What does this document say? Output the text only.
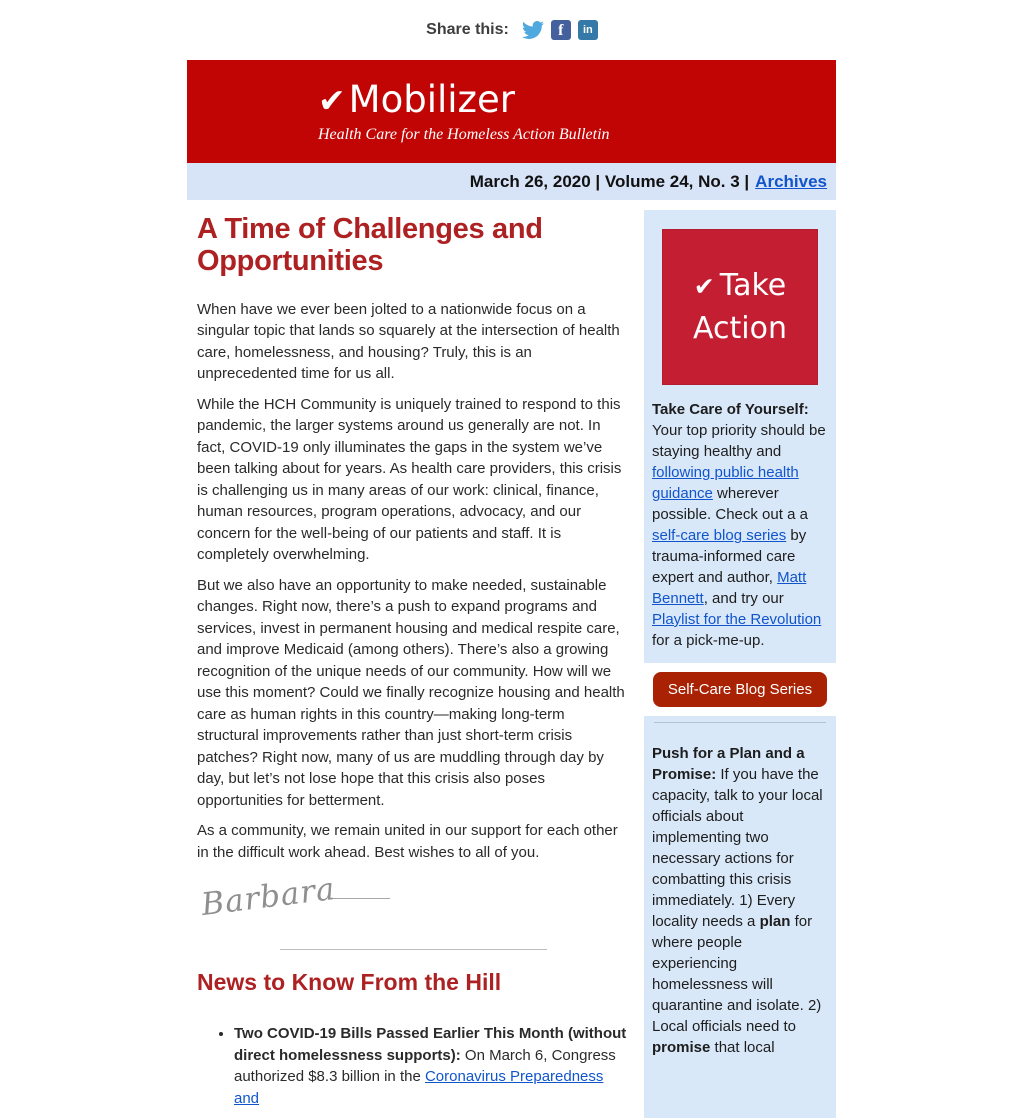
Share this:	f in
✔Mobilizer
Health Care for the Homeless Action Bulletin
March 26, 2020 | Volume 24, No. 3 | Archives
A Time of Challenges and Opportunities

When have we ever been jolted to a nationwide focus on a singular topic that lands so squarely at the intersection of health care, homelessness, and housing? Truly, this is an unprecedented time for us all.

While the HCH Community is uniquely trained to respond to this pandemic, the larger systems around us generally are not. In fact, COVID-19 only illuminates the gaps in the system we’ve been talking about for years. As health care providers, this crisis is challenging us in many areas of our work: clinical, finance, human resources, program operations, advocacy, and our concern for the well-being of our patients and staff. It is completely overwhelming.

But we also have an opportunity to make needed, sustainable changes. Right now, there’s a push to expand programs and services, invest in permanent housing and medical respite care, and improve Medicaid (among others). There’s also a growing recognition of the unique needs of our community. How will we use this moment? Could we finally recognize housing and health care as human rights in this country—making long-term structural improvements rather than just short-term crisis patches? Right now, many of us are muddling through day by day, but let’s not lose hope that this crisis also poses opportunities for betterment.

As a community, we remain united in our support for each other in the difficult work ahead. Best wishes to all of you.

Barbara
News to Know From the Hill
• Two COVID-19 Bills Passed Earlier This Month (without direct homelessness supports): On March 6, Congress authorized $8.3 billion in the Coronavirus Preparedness and
✔ Take
Action

Take Care of Yourself: Your top priority should be staying healthy and following public health guidance wherever possible. Check out a a self-care blog series by trauma-informed care expert and author, Matt Bennett, and try our Playlist for the Revolution for a pick-me-up.

Self-Care Blog Series

Push for a Plan and a Promise: If you have the capacity, talk to your local officials about implementing two necessary actions for combatting this crisis immediately. 1) Every locality needs a plan for where people experiencing homelessness will quarantine and isolate. 2) Local officials need to promise that local
